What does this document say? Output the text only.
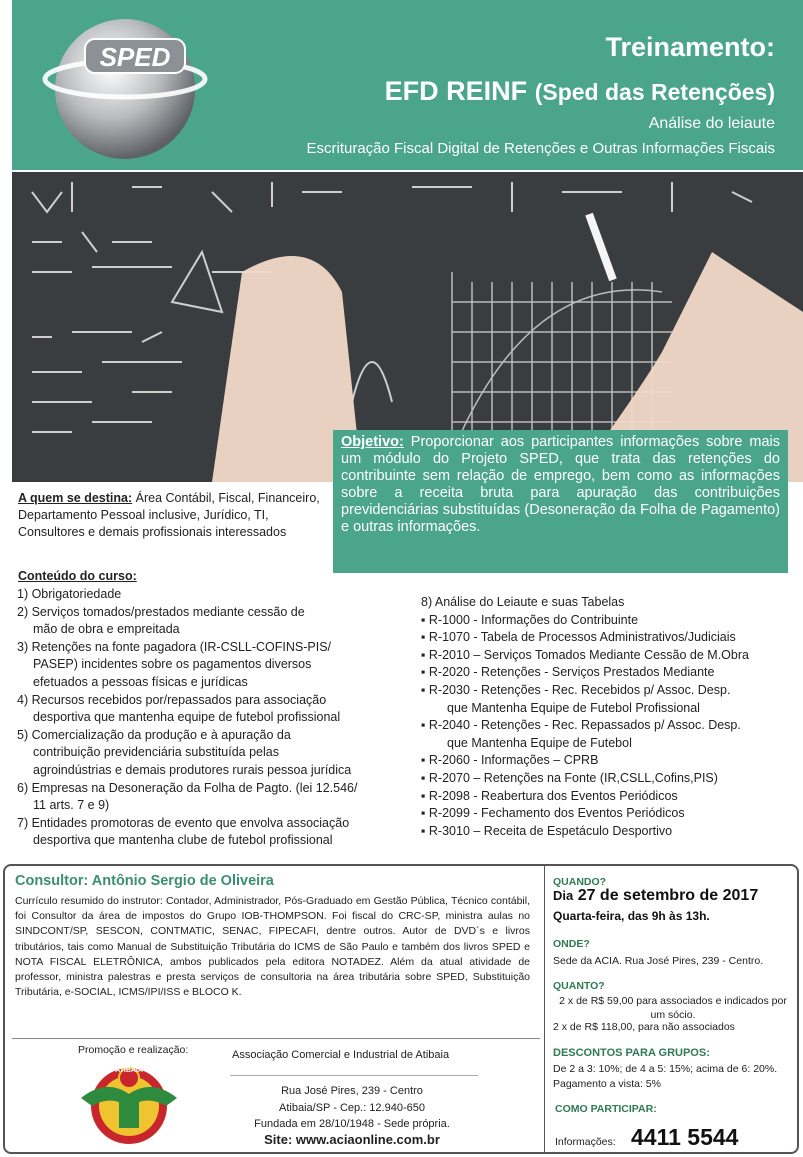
SPED	Treinamento:
EFD REINF (Sped das Retenções)
Análise do leiaute
Escrituração Fiscal Digital de Retenções e Outras Informações Fiscais
Objetivo: Proporcionar aos participantes informações sobre mais um módulo do Projeto SPED, que trata das retenções do contribuinte sem relação de emprego, bem como as informações sobre a receita bruta para apuração das contribuições previdenciárias substituídas (Desoneração da Folha de Pagamento) e outras informações.
A quem se destina: Área Contábil, Fiscal, Financeiro, Departamento Pessoal inclusive, Jurídico, TI, Consultores e demais profissionais interessados
Conteúdo do curso:
1) Obrigatoriedade
2) Serviços tomados/prestados mediante cessão de
mão de obra e empreitada
3) Retenções na fonte pagadora (IR-CSLL-COFINS-PIS/
PASEP) incidentes sobre os pagamentos diversos
efetuados a pessoas físicas e jurídicas
4) Recursos recebidos por/repassados para associação
desportiva que mantenha equipe de futebol profissional
5) Comercialização da produção e à apuração da
contribuição previdenciária substituída pelas
agroindústrias e demais produtores rurais pessoa jurídica
6) Empresas na Desoneração da Folha de Pagto. (lei 12.546/
11 arts. 7 e 9)
7) Entidades promotoras de evento que envolva associação
desportiva que mantenha clube de futebol profissional
8) Análise do Leiaute e suas Tabelas
▪ R-1000 - Informações do Contribuinte
▪ R-1070 - Tabela de Processos Administrativos/Judiciais
▪ R-2010 – Serviços Tomados Mediante Cessão de M.Obra
▪ R-2020 - Retenções - Serviços Prestados Mediante
▪ R-2030 - Retenções - Rec. Recebidos p/ Assoc. Desp.
que Mantenha Equipe de Futebol Profissional
▪ R-2040 - Retenções - Rec. Repassados p/ Assoc. Desp.
que Mantenha Equipe de Futebol
▪ R-2060 - Informações – CPRB
▪ R-2070 – Retenções na Fonte (IR,CSLL,Cofins,PIS)
▪ R-2098 - Reabertura dos Eventos Periódicos
▪ R-2099 - Fechamento dos Eventos Periódicos
▪ R-3010 – Receita de Espetáculo Desportivo
Consultor: Antônio Sergio de Oliveira
Currículo resumido do instrutor: Contador, Administrador, Pós-Graduado em Gestão Pública, Técnico contábil, foi Consultor da área de impostos do Grupo IOB-THOMPSON. Foi fiscal do CRC-SP, ministra aulas no SINDCONT/SP, SESCON, CONTMATIC, SENAC, FIPECAFI, dentre outros. Autor de DVD´s e livros tributários, tais como Manual de Substituição Tributária do ICMS de São Paulo e também dos livros SPED e NOTA FISCAL ELETRÔNICA, ambos publicados pela editora NOTADEZ. Além da atual atividade de professor, ministra palestras e presta serviços de consultoria na área tributária sobre SPED, Substituição Tributária, e-SOCIAL, ICMS/IPI/ISS e BLOCO K.
Promoção e realização:
ATIBAIA
Associação Comercial e Industrial de Atibaia
Rua José Pires, 239 - Centro
Atibaia/SP - Cep.: 12.940-650
Fundada em 28/10/1948 - Sede própria.
Site: www.aciaonline.com.br
QUANDO?
Dia 27 de setembro de 2017
Quarta-feira, das 9h às 13h.
ONDE?
Sede da ACIA. Rua José Pires, 239 - Centro.
QUANTO?
2 x de R$ 59,00 para associados e indicados por um sócio.
2 x de R$ 118,00, para não associados
DESCONTOS PARA GRUPOS:
De 2 a 3: 10%; de 4 a 5: 15%; acima de 6: 20%.
Pagamento a vista: 5%
COMO PARTICIPAR:
Informações: 4411 5544
